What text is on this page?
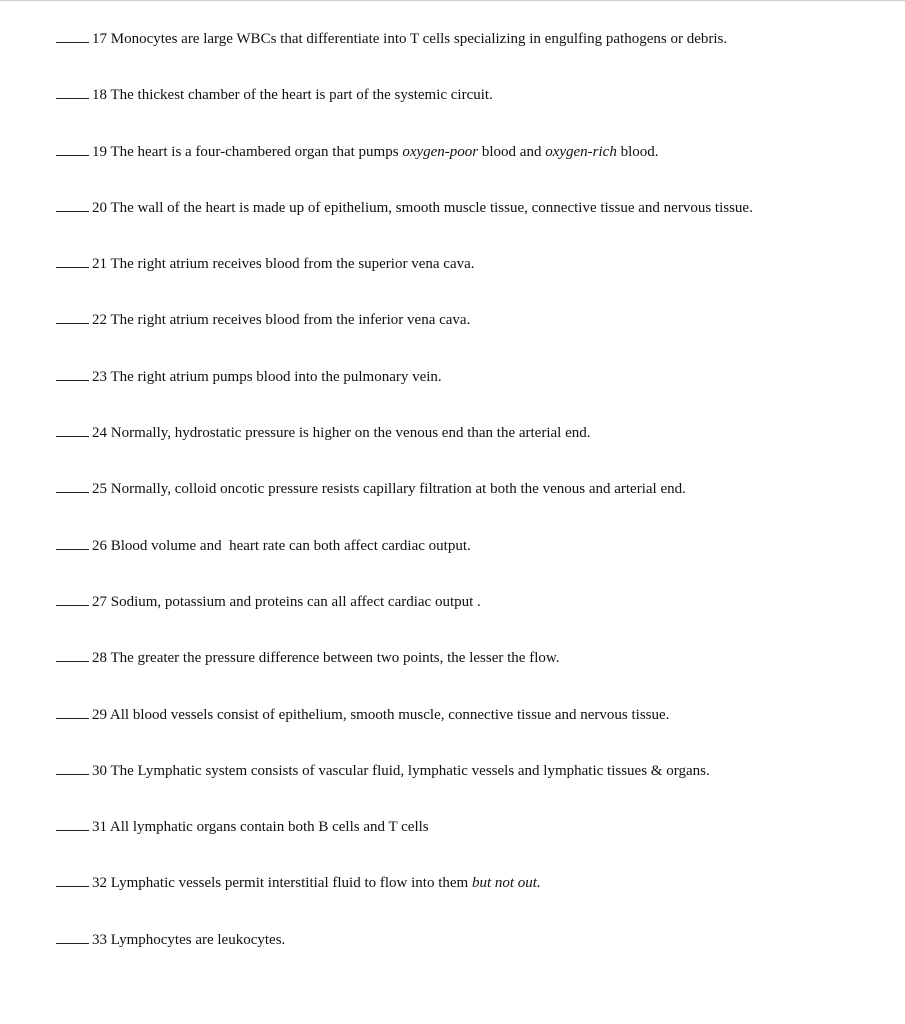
17 Monocytes are large WBCs that differentiate into T cells specializing in engulfing pathogens or debris.
18 The thickest chamber of the heart is part of the systemic circuit.
19 The heart is a four-chambered organ that pumps oxygen-poor blood and oxygen-rich blood.
20 The wall of the heart is made up of epithelium, smooth muscle tissue, connective tissue and nervous tissue.
21 The right atrium receives blood from the superior vena cava.
22 The right atrium receives blood from the inferior vena cava.
23 The right atrium pumps blood into the pulmonary vein.
24 Normally, hydrostatic pressure is higher on the venous end than the arterial end.
25 Normally, colloid oncotic pressure resists capillary filtration at both the venous and arterial end.
26 Blood volume and  heart rate can both affect cardiac output.
27 Sodium, potassium and proteins can all affect cardiac output .
28 The greater the pressure difference between two points, the lesser the flow.
29 All blood vessels consist of epithelium, smooth muscle, connective tissue and nervous tissue.
30 The Lymphatic system consists of vascular fluid, lymphatic vessels and lymphatic tissues & organs.
31 All lymphatic organs contain both B cells and T cells
32 Lymphatic vessels permit interstitial fluid to flow into them but not out.
33 Lymphocytes are leukocytes.
